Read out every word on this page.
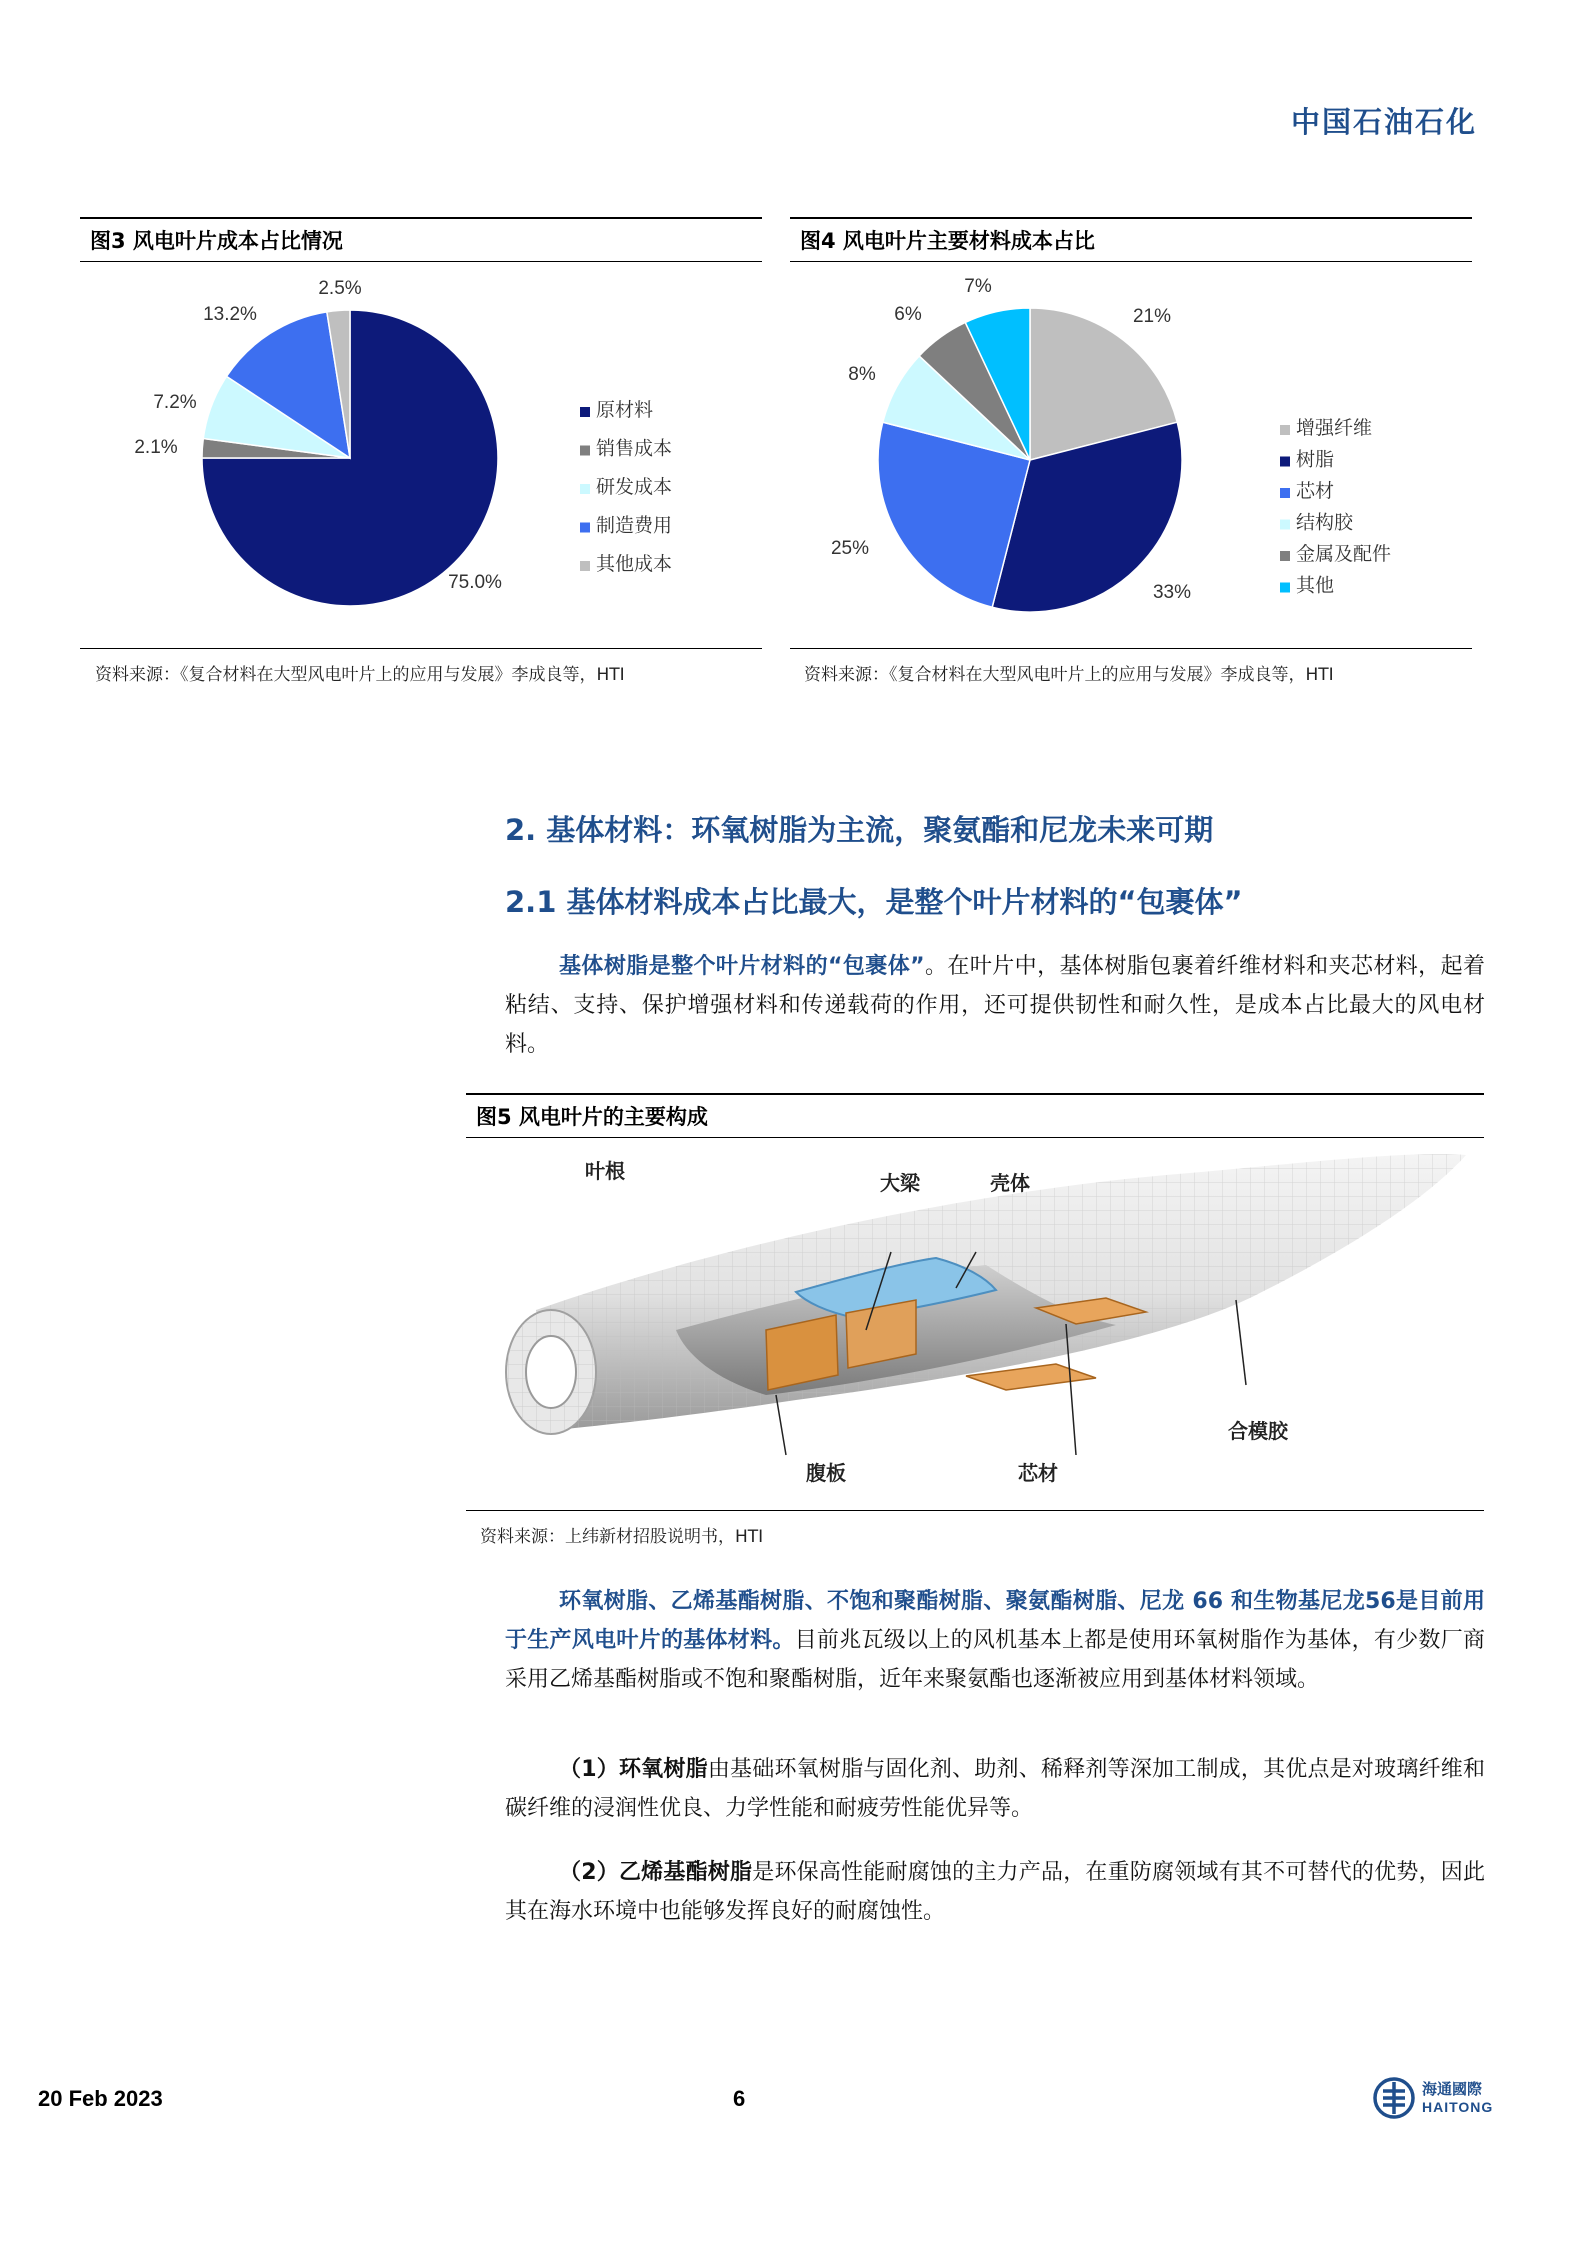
中国石油石化
图3 风电叶片成本占比情况
75.0%
2.1%
7.2%
13.2%
2.5%
原材料
销售成本
研发成本
制造费用
其他成本
资料来源：《复合材料在大型风电叶片上的应用与发展》李成良等，HTI
图4 风电叶片主要材料成本占比
21%
33%
25%
8%
6%
7%
增强纤维
树脂
芯材
结构胶
金属及配件
其他
资料来源：《复合材料在大型风电叶片上的应用与发展》李成良等，HTI
2. 基体材料：环氧树脂为主流，聚氨酯和尼龙未来可期
2.1 基体材料成本占比最大，是整个叶片材料的“包裹体”
基体树脂是整个叶片材料的“包裹体”。在叶片中，基体树脂包裹着纤维材料和夹芯材料，起着粘结、支持、保护增强材料和传递载荷的作用，还可提供韧性和耐久性，是成本占比最大的风电材料。
图5 风电叶片的主要构成
叶根	大梁	壳体
腹板	芯材
合模胶
资料来源：上纬新材招股说明书，HTI
环氧树脂、乙烯基酯树脂、不饱和聚酯树脂、聚氨酯树脂、尼龙 66 和生物基尼龙56是目前用于生产风电叶片的基体材料。目前兆瓦级以上的风机基本上都是使用环氧树脂作为基体，有少数厂商采用乙烯基酯树脂或不饱和聚酯树脂，近年来聚氨酯也逐渐被应用到基体材料领域。
（1）环氧树脂由基础环氧树脂与固化剂、助剂、稀释剂等深加工制成，其优点是对玻璃纤维和碳纤维的浸润性优良、力学性能和耐疲劳性能优异等。
（2）乙烯基酯树脂是环保高性能耐腐蚀的主力产品，在重防腐领域有其不可替代的优势，因此其在海水环境中也能够发挥良好的耐腐蚀性。
20 Feb 2023	6	海通國際
HAITONG
